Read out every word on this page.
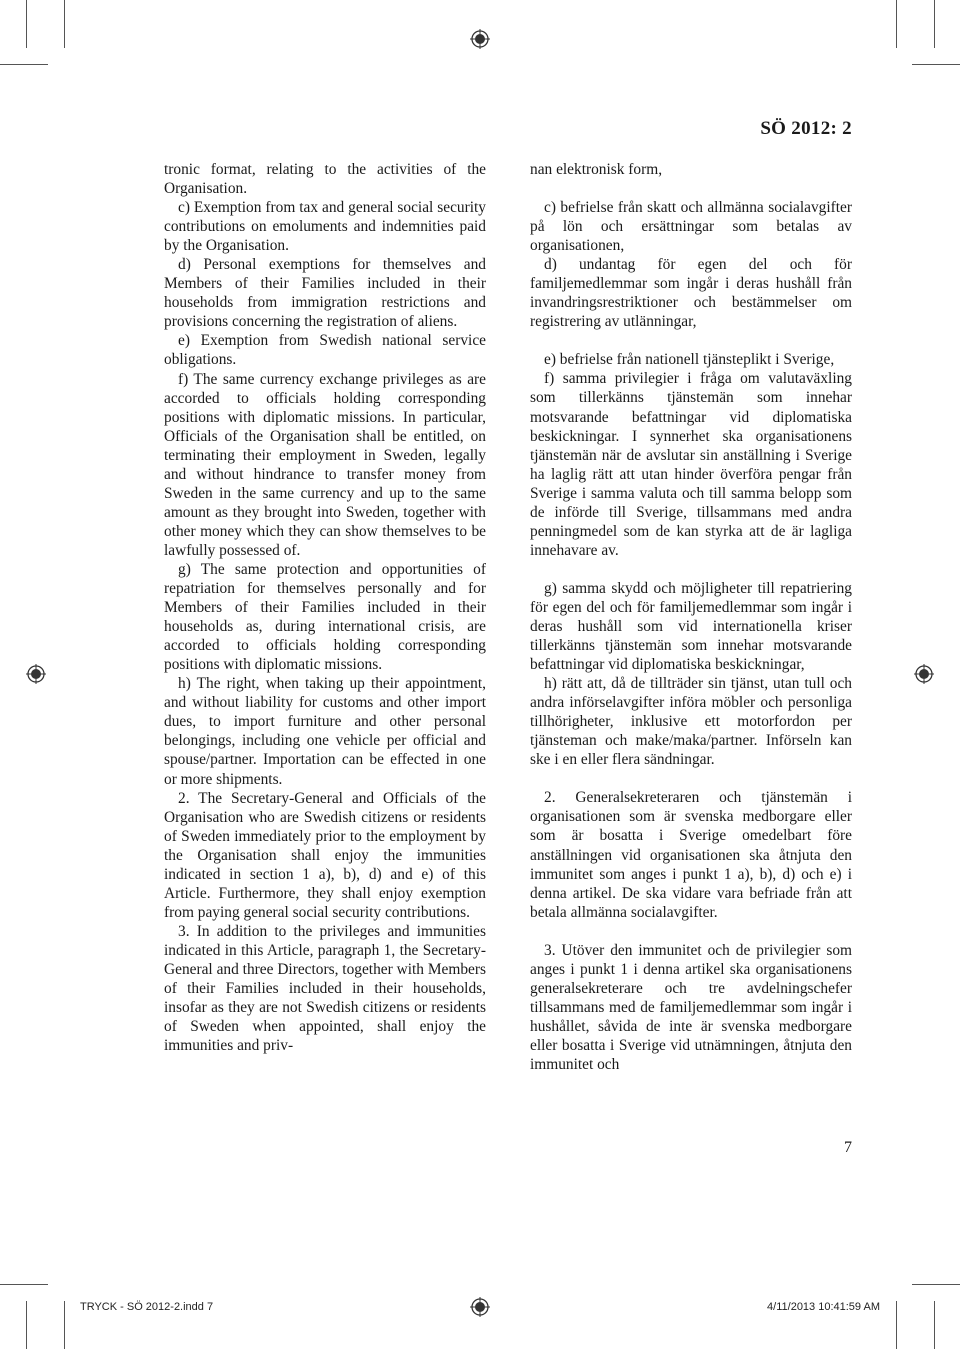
SÖ 2012: 2

tronic format, relating to the activities of the Organisation.

c) Exemption from tax and general social security contributions on emoluments and indemnities paid by the Organisation.

d) Personal exemptions for themselves and Members of their Families included in their households from immigration restrictions and provisions concerning the registration of aliens.

e) Exemption from Swedish national service obligations.

f) The same currency exchange privileges as are accorded to officials holding corresponding positions with diplomatic missions. In particular, Officials of the Organisation shall be entitled, on terminating their employment in Sweden, legally and without hindrance to transfer money from Sweden in the same currency and up to the same amount as they brought into Sweden, together with other money which they can show themselves to be lawfully possessed of.

g) The same protection and opportunities of repatriation for themselves personally and for Members of their Families included in their households as, during international crisis, are accorded to officials holding corresponding positions with diplomatic missions.

h) The right, when taking up their appointment, and without liability for customs and other import dues, to import furniture and other personal belongings, including one vehicle per official and spouse/partner. Importation can be effected in one or more shipments.

2. The Secretary-General and Officials of the Organisation who are Swedish citizens or residents of Sweden immediately prior to the employment by the Organisation shall enjoy the immunities indicated in section 1 a), b), d) and e) of this Article. Furthermore, they shall enjoy exemption from paying general social security contributions.

3. In addition to the privileges and immunities indicated in this Article, paragraph 1, the Secretary-General and three Directors, together with Members of their Families included in their households, insofar as they are not Swedish citizens or residents of Sweden when appointed, shall enjoy the immunities and priv-

nan elektronisk form,

c) befrielse från skatt och allmänna socialavgifter på lön och ersättningar som betalas av organisationen,

d) undantag för egen del och för familjemedlemmar som ingår i deras hushåll från invandringsrestriktioner och bestämmelser om registrering av utlänningar,

e) befrielse från nationell tjänsteplikt i Sverige,

f) samma privilegier i fråga om valutaväxling som tillerkänns tjänstemän som innehar motsvarande befattningar vid diplomatiska beskickningar. I synnerhet ska organisationens tjänstemän när de avslutar sin anställning i Sverige ha laglig rätt att utan hinder överföra pengar från Sverige i samma valuta och till samma belopp som de införde till Sverige, tillsammans med andra penningmedel som de kan styrka att de är lagliga innehavare av.

g) samma skydd och möjligheter till repatriering för egen del och för familjemedlemmar som ingår i deras hushåll som vid internationella kriser tillerkänns tjänstemän som innehar motsvarande befattningar vid diplomatiska beskickningar,

h) rätt att, då de tillträder sin tjänst, utan tull och andra införselavgifter införa möbler och personliga tillhörigheter, inklusive ett motorfordon per tjänsteman och make/maka/partner. Införseln kan ske i en eller flera sändningar.

2. Generalsekreteraren och tjänstemän i organisationen som är svenska medborgare eller som är bosatta i Sverige omedelbart före anställningen vid organisationen ska åtnjuta den immunitet som anges i punkt 1 a), b), d) och e) i denna artikel. De ska vidare vara befriade från att betala allmänna socialavgifter.

3. Utöver den immunitet och de privilegier som anges i punkt 1 i denna artikel ska organisationens generalsekreterare och tre avdelningschefer tillsammans med de familjemedlemmar som ingår i hushållet, såvida de inte är svenska medborgare eller bosatta i Sverige vid utnämningen, åtnjuta den immunitet och

7
TRYCK - SÖ 2012-2.indd 7	4/11/2013 10:41:59 AM
